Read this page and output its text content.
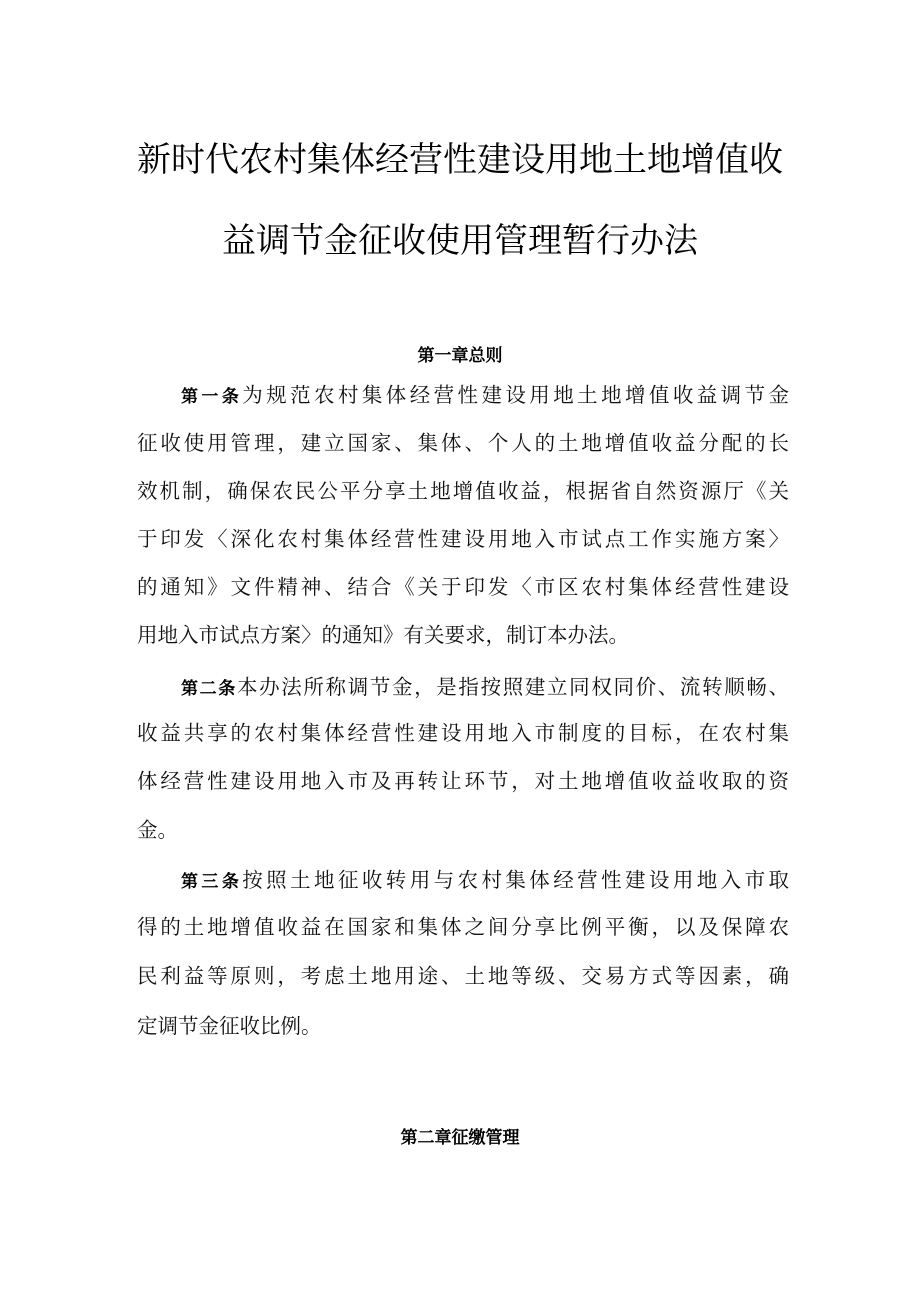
新时代农村集体经营性建设用地土地增值收
益调节金征收使用管理暂行办法
第一章总则
第一条为规范农村集体经营性建设用地土地增值收益调节金
征收使用管理，建立国家、集体、个人的土地增值收益分配的长
效机制，确保农民公平分享土地增值收益，根据省自然资源厅《关
于印发〈深化农村集体经营性建设用地入市试点工作实施方案〉
的通知》文件精神、结合《关于印发〈市区农村集体经营性建设
用地入市试点方案〉的通知》有关要求，制订本办法。
第二条本办法所称调节金，是指按照建立同权同价、流转顺畅、
收益共享的农村集体经营性建设用地入市制度的目标，在农村集
体经营性建设用地入市及再转让环节，对土地增值收益收取的资
金。
第三条按照土地征收转用与农村集体经营性建设用地入市取
得的土地增值收益在国家和集体之间分享比例平衡，以及保障农
民利益等原则，考虑土地用途、土地等级、交易方式等因素，确
定调节金征收比例。
第二章征缴管理
